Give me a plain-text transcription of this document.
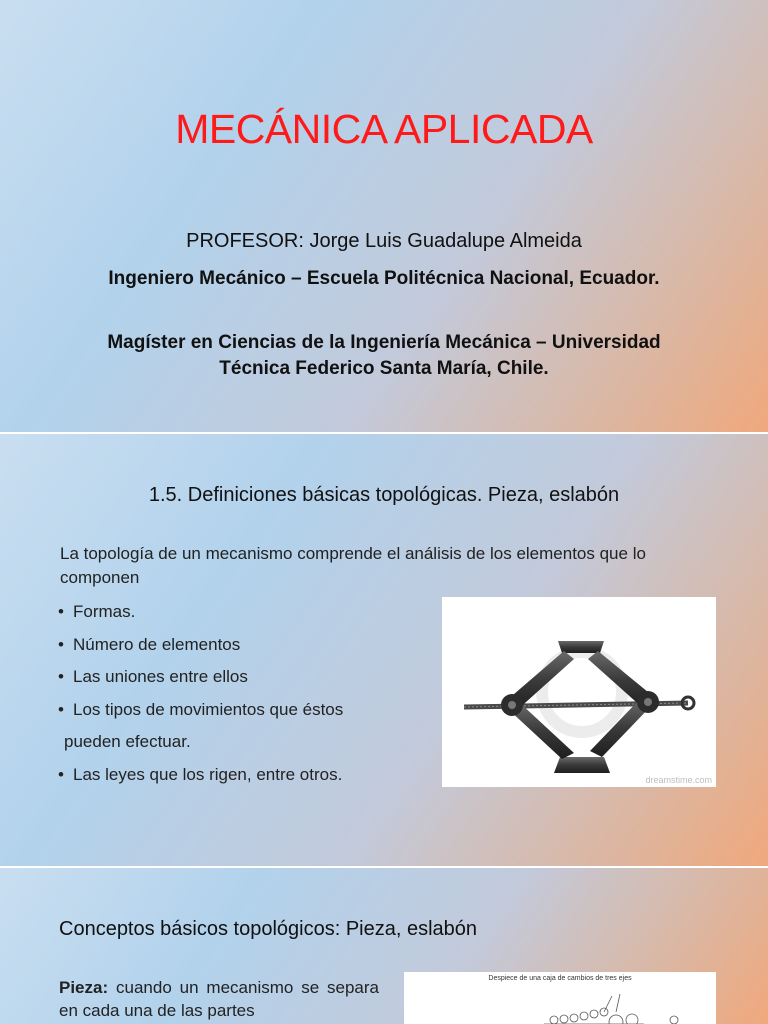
MECÁNICA APLICADA
PROFESOR: Jorge Luis Guadalupe Almeida
Ingeniero Mecánico – Escuela Politécnica Nacional, Ecuador.
Magíster en Ciencias de la Ingeniería Mecánica – Universidad Técnica Federico Santa María, Chile.
1.5. Definiciones básicas topológicas. Pieza, eslabón
La topología de un mecanismo comprende el análisis de los elementos que lo componen
• Formas.
• Número de elementos
• Las uniones entre ellos
• Los tipos de movimientos que éstos
pueden efectuar.
• Las leyes que los rigen, entre otros.	dreamstime.com
Conceptos básicos topológicos: Pieza, eslabón
Pieza: cuando un mecanismo se separa en cada una de las partes
Despiece de una caja de cambios de tres ejes
